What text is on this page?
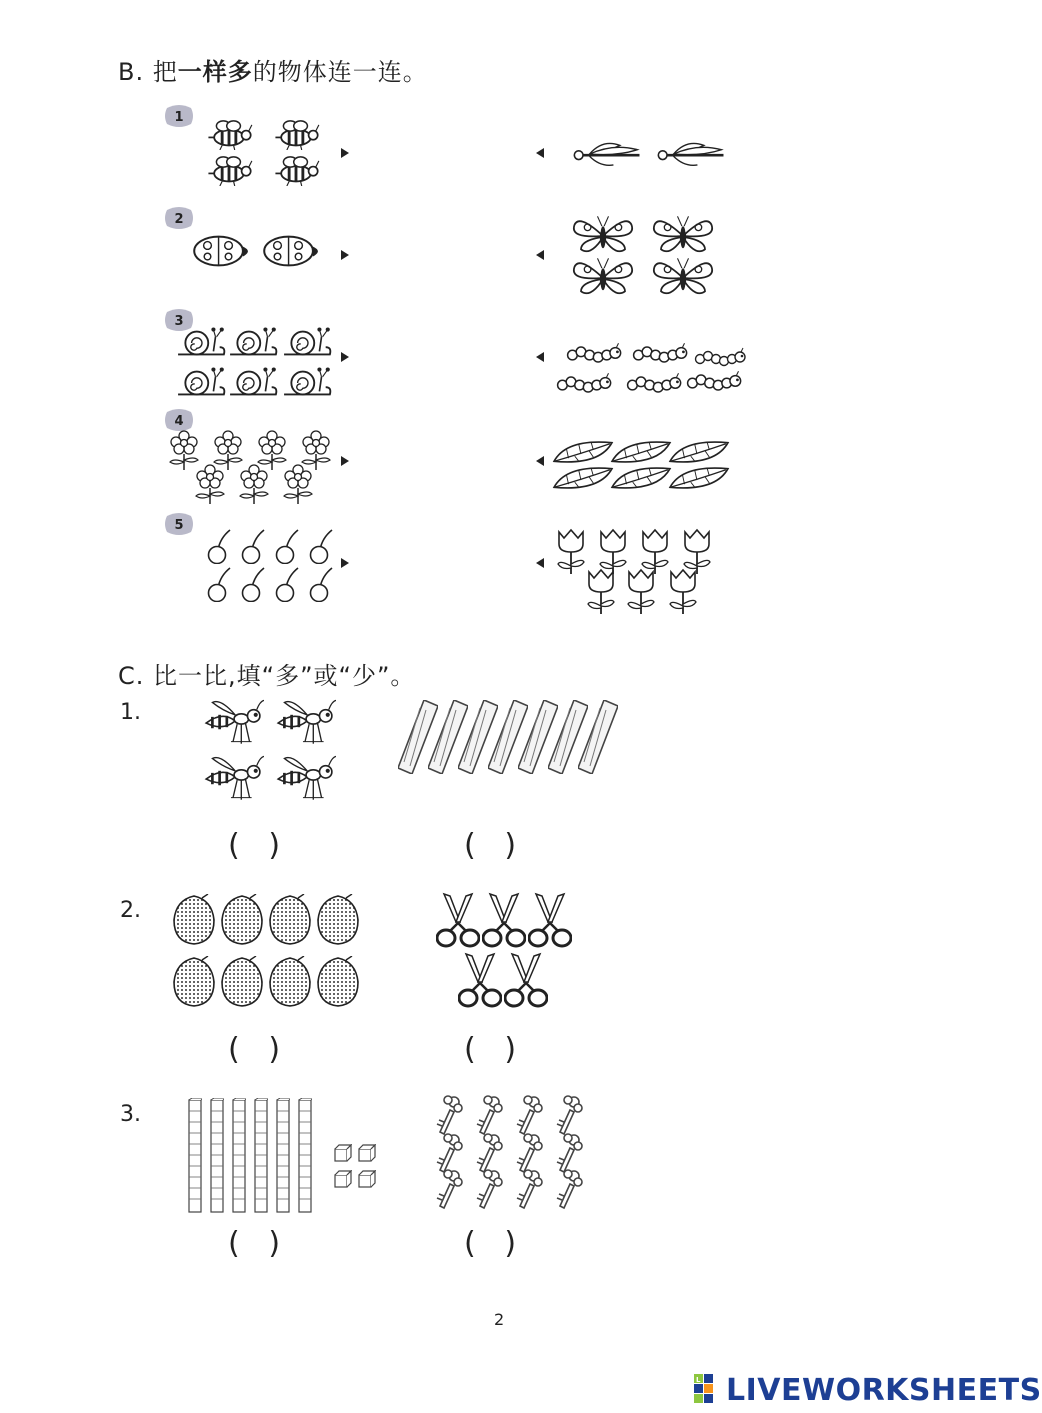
B. 把一样多的物体连一连。
1
2
3
4
5
C. 比一比,填“多”或“少”。
1.
(   )	(   )
2.
(   )	(   )
3.
(   )	(   )
2
L LIVEWORKSHEETS
